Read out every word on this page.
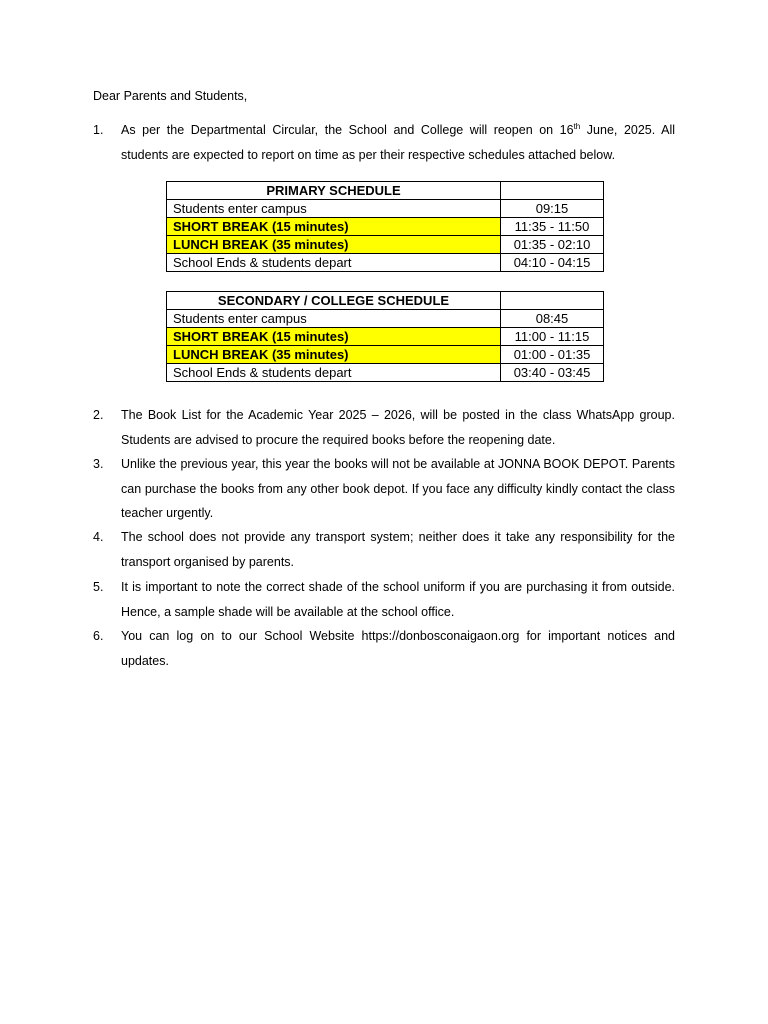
Dear Parents and Students,
1.	As per the Departmental Circular, the School and College will reopen on 16th June, 2025. All students are expected to report on time as per their respective schedules attached below.
PRIMARY SCHEDULE	
Students enter campus	09:15
SHORT BREAK (15 minutes)	11:35 - 11:50
LUNCH BREAK (35 minutes)	01:35 - 02:10
School Ends & students depart	04:10 - 04:15
SECONDARY / COLLEGE SCHEDULE	
Students enter campus	08:45
SHORT BREAK (15 minutes)	11:00 - 11:15
LUNCH BREAK (35 minutes)	01:00 - 01:35
School Ends & students depart	03:40 - 03:45
2.	The Book List for the Academic Year 2025 – 2026, will be posted in the class WhatsApp group. Students are advised to procure the required books before the reopening date.
3.	Unlike the previous year, this year the books will not be available at JONNA BOOK DEPOT. Parents can purchase the books from any other book depot. If you face any difficulty kindly contact the class teacher urgently.
4.	The school does not provide any transport system; neither does it take any responsibility for the transport organised by parents.
5.	It is important to note the correct shade of the school uniform if you are purchasing it from outside. Hence, a sample shade will be available at the school office.
6.	You can log on to our School Website https://donbosconaigaon.org for important notices and updates.
